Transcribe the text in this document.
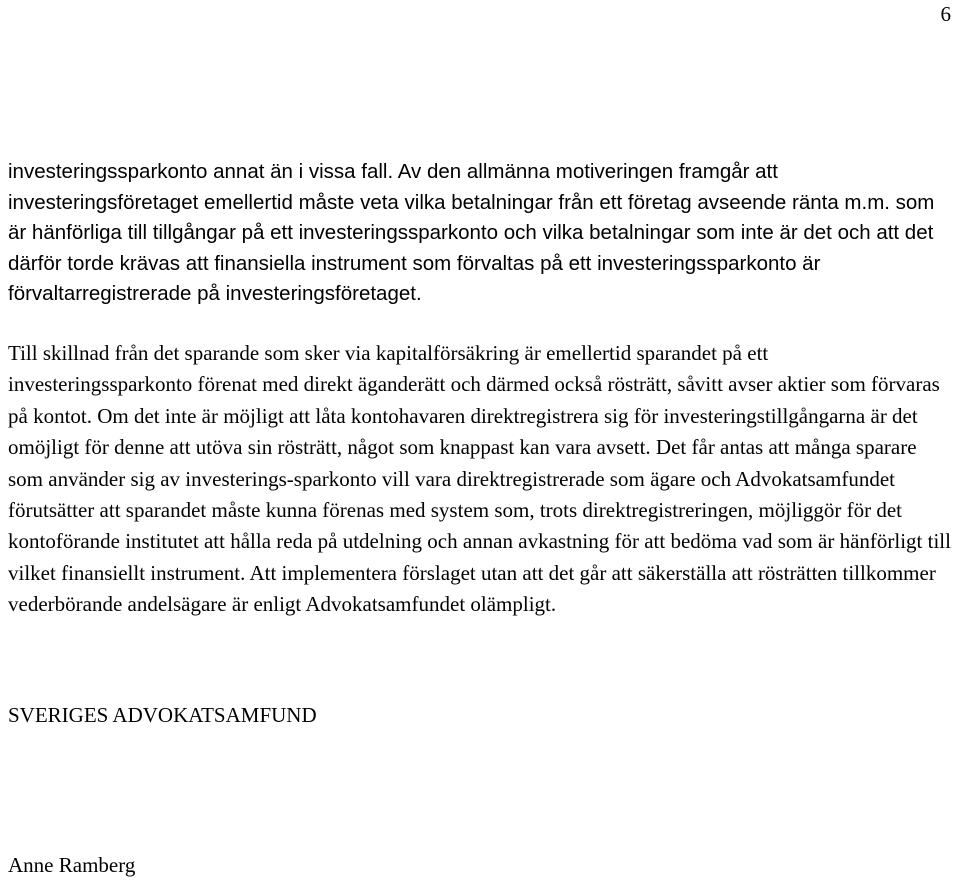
6

investeringssparkonto annat än i vissa fall. Av den allmänna motiveringen framgår att investeringsföretaget emellertid måste veta vilka betalningar från ett företag avseende ränta m.m. som är hänförliga till tillgångar på ett investeringssparkonto och vilka betalningar som inte är det och att det därför torde krävas att finansiella instrument som förvaltas på ett investeringssparkonto är förvaltarregistrerade på investeringsföretaget.

Till skillnad från det sparande som sker via kapitalförsäkring är emellertid sparandet på ett investeringssparkonto förenat med direkt äganderätt och därmed också rösträtt, såvitt avser aktier som förvaras på kontot. Om det inte är möjligt att låta kontohavaren direktregistrera sig för investeringstillgångarna är det omöjligt för denne att utöva sin rösträtt, något som knappast kan vara avsett. Det får antas att många sparare som använder sig av investerings-sparkonto vill vara direktregistrerade som ägare och Advokatsamfundet förutsätter att sparandet måste kunna förenas med system som, trots direktregistreringen, möjliggör för det kontoförande institutet att hålla reda på utdelning och annan avkastning för att bedöma vad som är hänförligt till vilket finansiellt instrument. Att implementera förslaget utan att det går att säkerställa att rösträtten tillkommer vederbörande andelsägare är enligt Advokatsamfundet olämpligt.

SVERIGES ADVOKATSAMFUND
Anne Ramberg
